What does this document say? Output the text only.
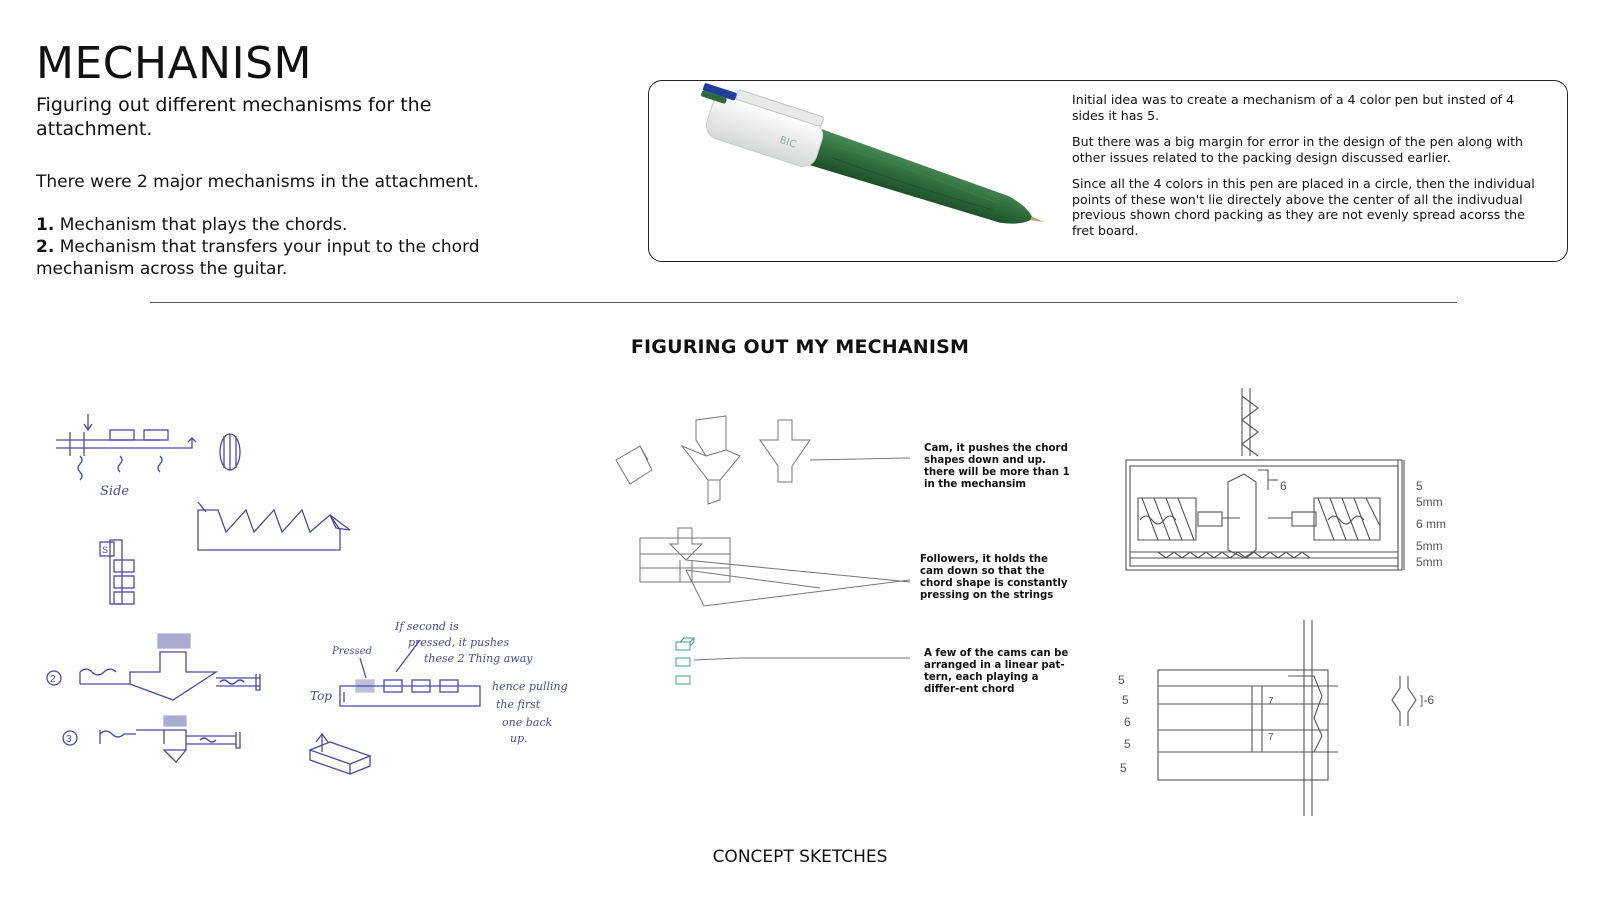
MECHANISM
Figuring out different mechanisms for the attachment.
There were 2 major mechanisms in the attachment.
1. Mechanism that plays the chords.
2. Mechanism that transfers your input to the chord mechanism across the guitar.
BIC

Initial idea was to create a mechanism of a 4 color pen but insted of 4 sides it has 5.

But there was a big margin for error in the design of the pen along with other issues related to the packing design discussed earlier.

Since all the 4 colors in this pen are placed in a circle, then the individual points of these won't lie directely above the center of all the indivudual previous shown chord packing as they are not evenly spread acorss the fret board.

FIGURING OUT MY MECHANISM
Side
S
2
3
Top
Pressed
If second is
pressed, it pushes
these 2 Thing away
hence pulling
the first
one back
up.
Cam, it pushes the chord shapes down and up. there will be more than 1 in the mechansim
Followers, it holds the cam down so that the chord shape is constantly pressing on the strings
A few of the cams can be arranged in a linear pat-tern, each playing a differ-ent chord
6	5
5mm
6 mm
5mm
5mm
7
7
5
5
6
5
5
]-6
CONCEPT SKETCHES
